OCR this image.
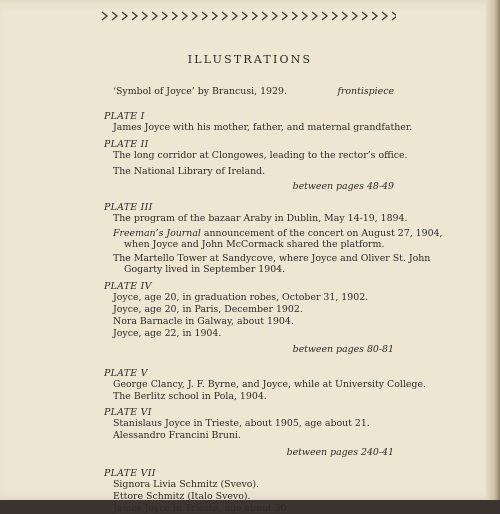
ILLUSTRATIONS
‘Symbol of Joyce’ by Brancusi, 1929.	frontispiece
PLATE I
James Joyce with his mother, father, and maternal grandfather.
PLATE II
The long corridor at Clongowes, leading to the rector’s office.
The National Library of Ireland.
between pages 48-49
PLATE III
The program of the bazaar Araby in Dublin, May 14-19, 1894.
Freeman’s Journal announcement of the concert on August 27, 1904,
when Joyce and John McCormack shared the platform.
The Martello Tower at Sandycove, where Joyce and Oliver St. John
Gogarty lived in September 1904.
PLATE IV
Joyce, age 20, in graduation robes, October 31, 1902.
Joyce, age 20, in Paris, December 1902.
Nora Barnacle in Galway, about 1904.
Joyce, age 22, in 1904.
between pages 80-81
PLATE V
George Clancy, J. F. Byrne, and Joyce, while at University College.
The Berlitz school in Pola, 1904.
PLATE VI
Stanislaus Joyce in Trieste, about 1905, age about 21.
Alessandro Francini Bruni.
between pages 240-41
PLATE VII
Signora Livia Schmitz (Svevo).
Ettore Schmitz (Italo Svevo).
James Joyce in Trieste, age about 30.
